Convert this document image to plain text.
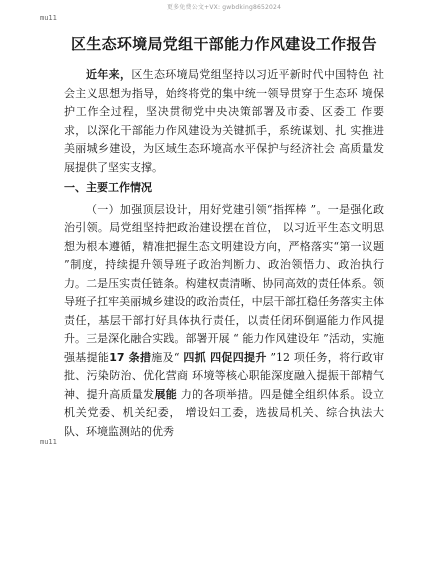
更多免费公文+VX: gwbdking8652024
mu11
区生态环境局党组干部能力作风建设工作报告

近年来，区生态环境局党组坚持以习近平新时代中国特色 社会主义思想为指导，始终将党的集中统一领导贯穿于生态环 境保护工作全过程，坚决贯彻党中央决策部署及市委、区委工 作要求，以深化干部能力作风建设为关键抓手，系统谋划、扎 实推进美丽城乡建设，为区域生态环境高水平保护与经济社会 高质量发展提供了坚实支撑。

一、主要工作情况

（一）加强顶层设计，用好党建引领“指挥棒 ”。一是强化政治引领。局党组坚持把政治建设摆在首位， 以习近平生态文明思想为根本遵循，精准把握生态文明建设方向，严格落实“第一议题 ”制度，持续提升领导班子政治判断力、政治领悟力、政治执行力。二是压实责任链条。构建权责清晰、协同高效的责任体系。领导班子扛牢美丽城乡建设的政治责任，中层干部扛稳任务落实主体责任，基层干部打好具体执行责任，以责任闭环倒逼能力作风提升。三是深化融合实践。部署开展 “ 能力作风建设年 ”活动，实施强基提能17 条措施及“ 四抓 四促四提升 ”12 项任务，将行政审批、污染防治、优化营商 环境等核心职能深度融入提振干部精气神、提升高质量发展能 力的各项举措。四是健全组织体系。设立机关党委、机关纪委， 增设妇工委，选拔局机关、综合执法大队、环境监测站的优秀

mu11
